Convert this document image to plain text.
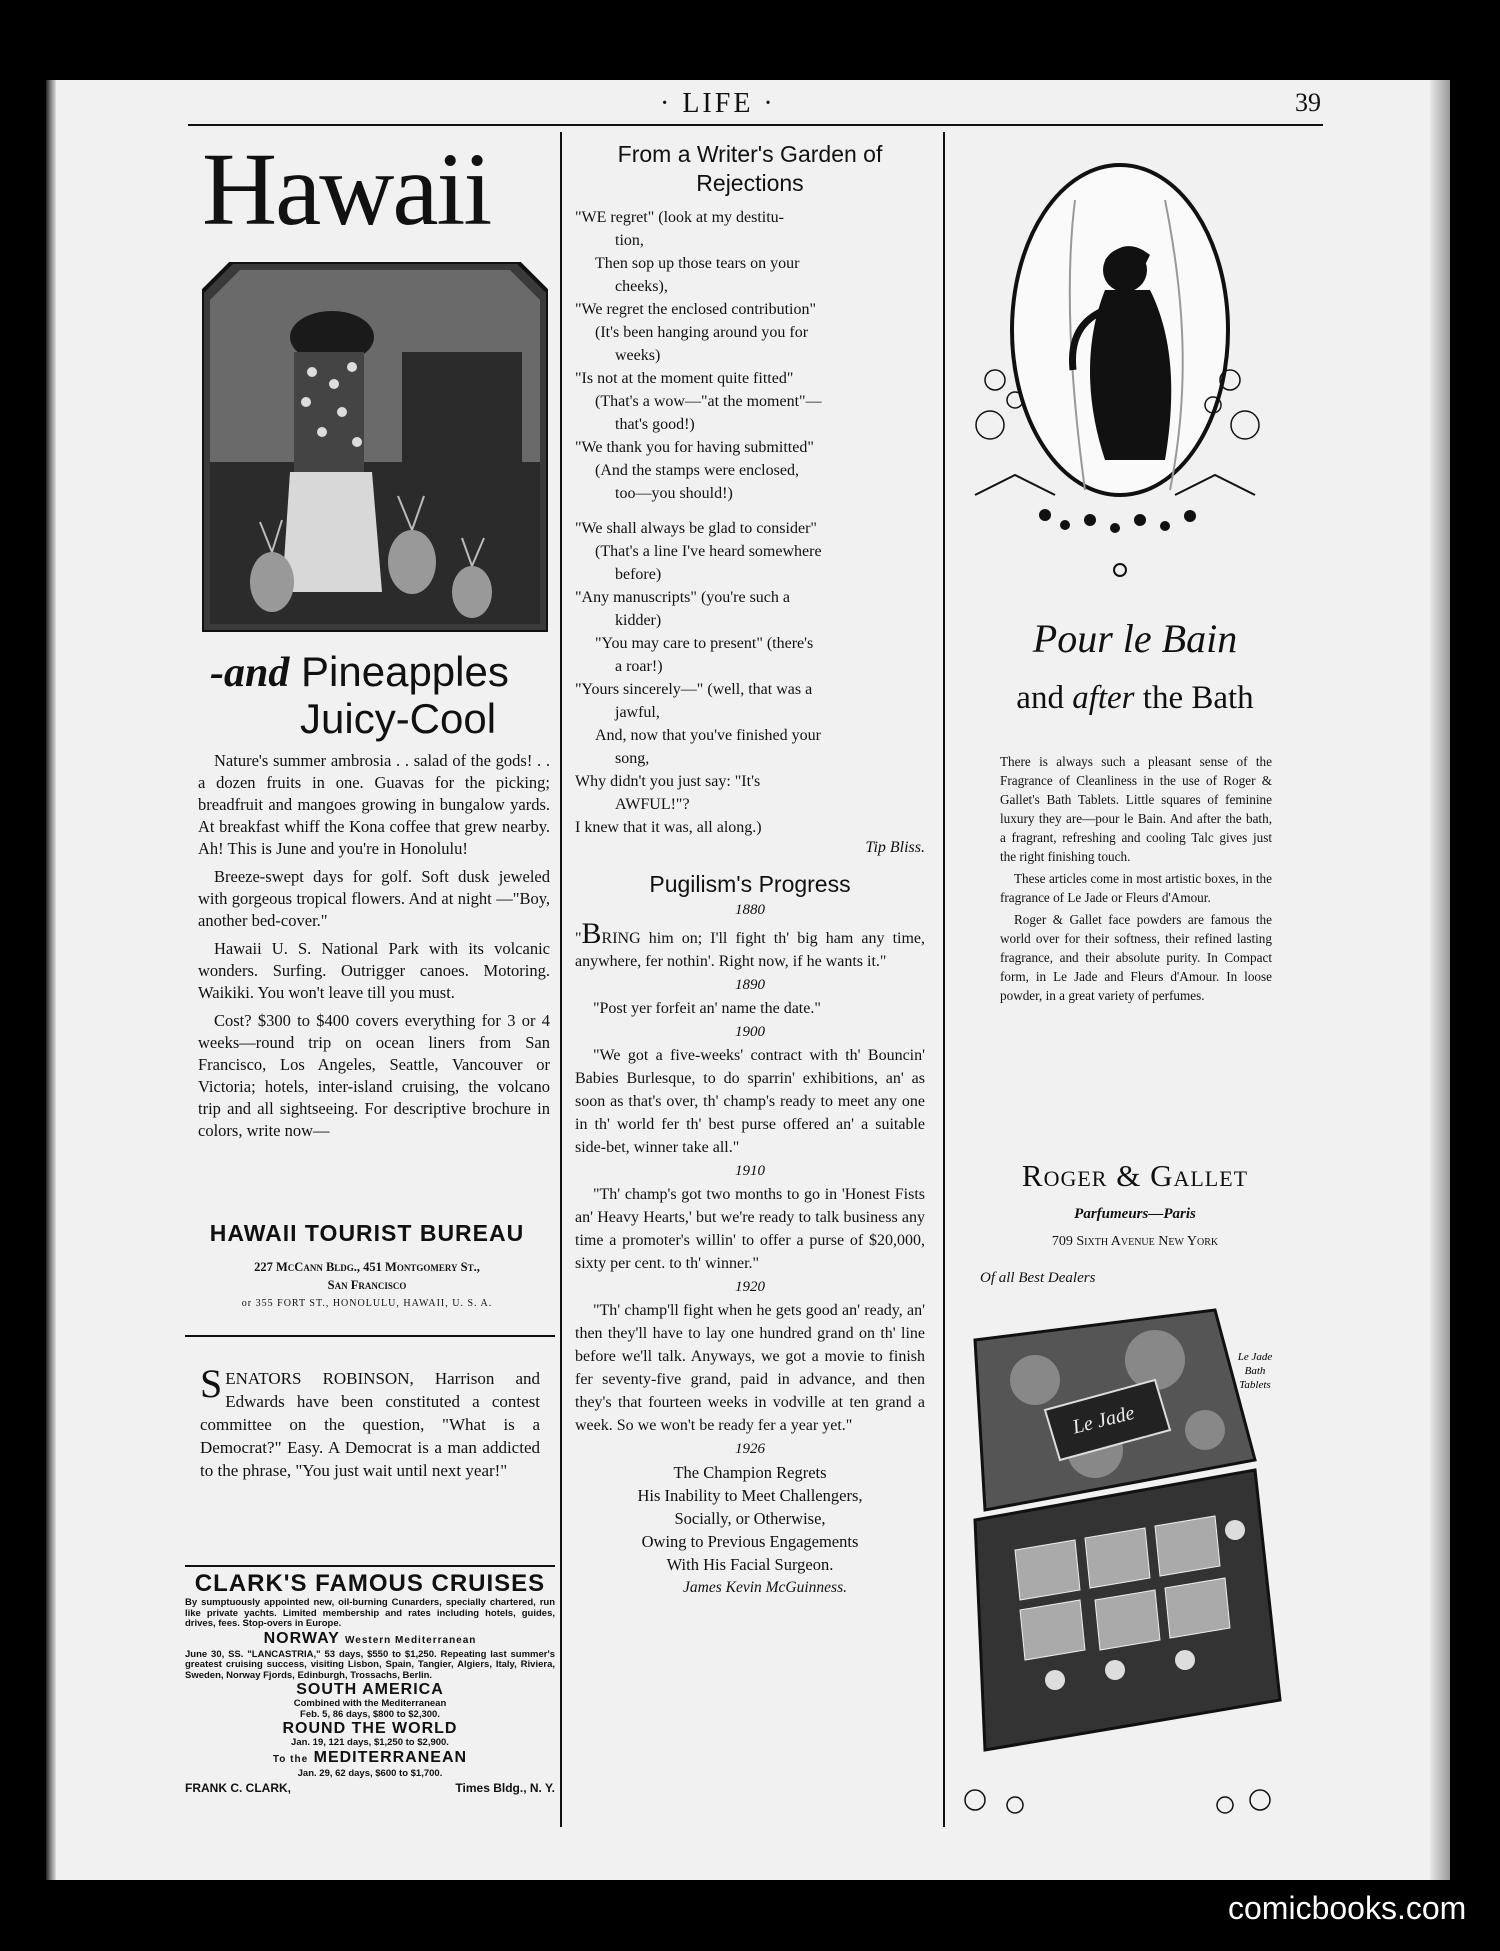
· LIFE ·	39
Hawaii
-and Pineapples
Juicy-Cool

Nature's summer ambrosia . . salad of the gods! . . a dozen fruits in one. Guavas for the picking; breadfruit and mangoes growing in bungalow yards. At breakfast whiff the Kona coffee that grew nearby. Ah! This is June and you're in Honolulu!

Breeze-swept days for golf. Soft dusk jeweled with gorgeous tropical flowers. And at night —"Boy, another bed-cover."

Hawaii U. S. National Park with its volcanic wonders. Surfing. Outrigger canoes. Motoring. Waikiki. You won't leave till you must.

Cost? $300 to $400 covers everything for 3 or 4 weeks—round trip on ocean liners from San Francisco, Los Angeles, Seattle, Vancouver or Victoria; hotels, inter-island cruising, the volcano trip and all sightseeing. For descriptive brochure in colors, write now—

HAWAII TOURIST BUREAU
227 McCann Bldg., 451 Montgomery St.,
San Francisco
or 355 FORT ST., HONOLULU, HAWAII, U. S. A.
SENATORS ROBINSON, Harrison and Edwards have been constituted a contest committee on the question, "What is a Democrat?" Easy. A Democrat is a man addicted to the phrase, "You just wait until next year!"
CLARK'S FAMOUS CRUISES
By sumptuously appointed new, oil-burning Cunarders, specially chartered, run like private yachts. Limited membership and rates including hotels, guides, drives, fees. Stop-overs in Europe.
NORWAY Western Mediterranean
June 30, SS. "LANCASTRIA," 53 days, $550 to $1,250. Repeating last summer's greatest cruising success, visiting Lisbon, Spain, Tangier, Algiers, Italy, Riviera, Sweden, Norway Fjords, Edinburgh, Trossachs, Berlin.
SOUTH AMERICA
Combined with the Mediterranean
Feb. 5, 86 days, $800 to $2,300.
ROUND THE WORLD
Jan. 19, 121 days, $1,250 to $2,900.
To the MEDITERRANEAN
Jan. 29, 62 days, $600 to $1,700.
FRANK C. CLARK,	Times Bldg., N. Y.
From a Writer's Garden of
Rejections
"WE regret" (look at my destitu-
tion,
Then sop up those tears on your
cheeks),
"We regret the enclosed contribution"
(It's been hanging around you for
weeks)
"Is not at the moment quite fitted"
(That's a wow—"at the moment"—
that's good!)
"We thank you for having submitted"
(And the stamps were enclosed,
too—you should!)
"We shall always be glad to consider"
(That's a line I've heard somewhere
before)
"Any manuscripts" (you're such a
kidder)
"You may care to present" (there's
a roar!)
"Yours sincerely—" (well, that was a
jawful,
And, now that you've finished your
song,
Why didn't you just say: "It's
AWFUL!"?
I knew that it was, all along.)
Tip Bliss.
Pugilism's Progress
1880

"BRING him on; I'll fight th' big ham any time, anywhere, fer nothin'. Right now, if he wants it."

1890

"Post yer forfeit an' name the date."

1900

"We got a five-weeks' contract with th' Bouncin' Babies Burlesque, to do sparrin' exhibitions, an' as soon as that's over, th' champ's ready to meet any one in th' world fer th' best purse offered an' a suitable side-bet, winner take all."

1910

"Th' champ's got two months to go in 'Honest Fists an' Heavy Hearts,' but we're ready to talk business any time a promoter's willin' to offer a purse of $20,000, sixty per cent. to th' winner."

1920

"Th' champ'll fight when he gets good an' ready, an' then they'll have to lay one hundred grand on th' line before we'll talk. Anyways, we got a movie to finish fer seventy-five grand, paid in advance, and then they's that fourteen weeks in vodville at ten grand a week. So we won't be ready fer a year yet."

1926
The Champion Regrets
His Inability to Meet Challengers,
Socially, or Otherwise,
Owing to Previous Engagements
With His Facial Surgeon.
James Kevin McGuinness.
Pour le Bain
and after the Bath

There is always such a pleasant sense of the Fragrance of Cleanliness in the use of Roger & Gallet's Bath Tablets. Little squares of feminine luxury they are—pour le Bain. And after the bath, a fragrant, refreshing and cooling Talc gives just the right finishing touch.

These articles come in most artistic boxes, in the fragrance of Le Jade or Fleurs d'Amour.

Roger & Gallet face powders are famous the world over for their softness, their refined lasting fragrance, and their absolute purity. In Compact form, in Le Jade and Fleurs d'Amour. In loose powder, in a great variety of perfumes.

Roger & Gallet
Parfumeurs—Paris
709 Sixth Avenue New York
Of all Best Dealers
Le Jade
Le Jade
Bath
Tablets
comicbooks.com
